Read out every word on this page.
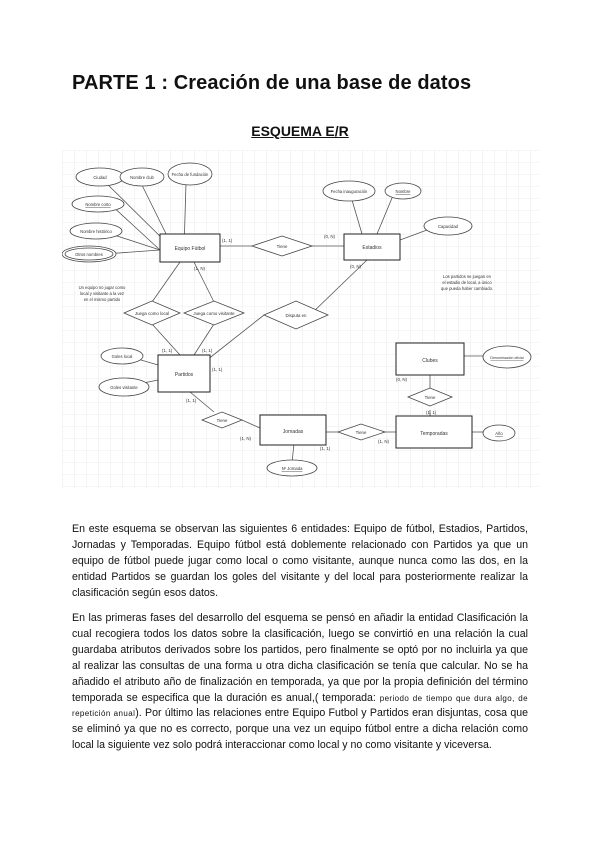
PARTE 1 : Creación de una base de datos
ESQUEMA E/R
Equipo Fútbol	Estadios
Partidos
Jornadas	Temporadas
Clubes
Tiene
Juega como local	Juega como visitante	Disputa en
Tiene
Tiene
Tiene
Ciudad	Nombre club
Fecha de fundación
Nombre corto
Nombre histórico
Otros nombres
Fecha inauguración	Nombre
Capacidad
Goles local
Goles visitante
Nº Jornada
Denominación oficial
Año
(1, 1)
(0, N)
(1, N)	(0, N)
(1, 1)	(1, 1)
(1, 1)
(1, 1)
(1, N)
(1, 1)
(1, N)
(1, 1)
(0, N)
Un equipo no jugar como
local y visitante a la vez
en el mismo partido
Los partidos se juegan en
el estadio de local, a único
que pueda haber cambiado.

En este esquema se observan las siguientes 6 entidades: Equipo de fútbol, Estadios, Partidos, Jornadas y Temporadas. Equipo fútbol está doblemente relacionado con Partidos ya que un equipo de fútbol puede jugar como local o como visitante, aunque nunca como las dos, en la entidad Partidos se guardan los goles del visitante y del local para posteriormente realizar la clasificación según esos datos.

En las primeras fases del desarrollo del esquema se pensó en añadir la entidad Clasificación la cual recogiera todos los datos sobre la clasificación, luego se convirtió en una relación la cual guardaba atributos derivados sobre los partidos, pero finalmente se optó por no incluirla ya que al realizar las consultas de una forma u otra dicha clasificación se tenía que calcular. No se ha añadido el atributo año de finalización en temporada, ya que por la propia definición del término temporada se especifica que la duración es anual,( temporada: periodo de tiempo que dura algo, de repetición anual). Por último las relaciones entre Equipo Futbol y Partidos eran disjuntas, cosa que se eliminó ya que no es correcto, porque una vez un equipo fútbol entre a dicha relación como local la siguiente vez solo podrá interaccionar como local y no como visitante y viceversa.
